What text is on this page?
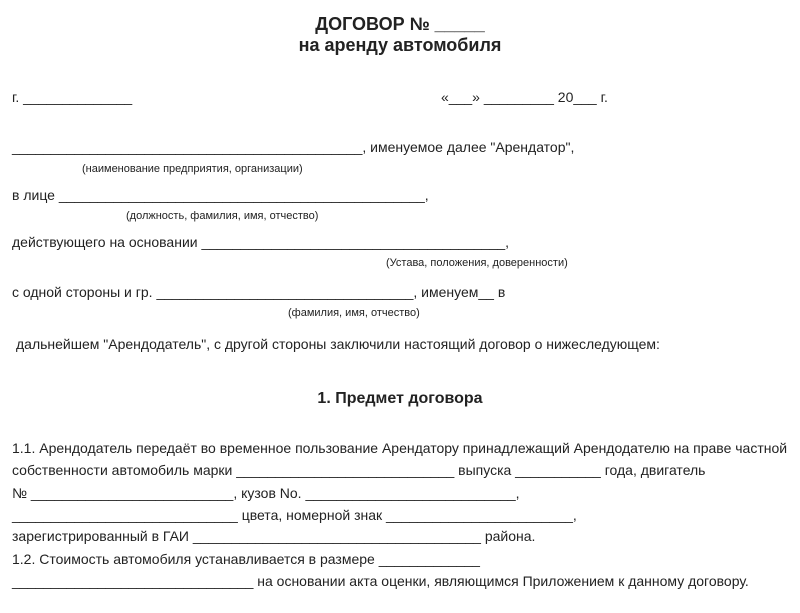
ДОГОВОР № _____
на аренду автомобиля
г. ______________	«___» _________ 20___ г.
_____________________________________________, именуемое далее "Арендатор",
(наименование предприятия, организации)
в лице _______________________________________________,
(должность, фамилия, имя, отчество)
действующего на основании _______________________________________,
(Устава, положения, доверенности)
с одной стороны и гр. _________________________________, именуем__ в
(фамилия, имя, отчество)
дальнейшем "Арендодатель", с другой стороны заключили настоящий договор о нижеследующем:
1. Предмет договора
1.1. Арендодатель передаёт во временное пользование Арендатору принадлежащий Арендодателю на праве частной
собственности автомобиль марки ____________________________ выпуска ___________ года, двигатель
№ __________________________, кузов No. ___________________________,
_____________________________ цвета, номерной знак ________________________,
зарегистрированный в ГАИ _____________________________________ района.
1.2. Стоимость автомобиля устанавливается в размере _____________
_______________________________ на основании акта оценки, являющимся Приложением к данному договору.
